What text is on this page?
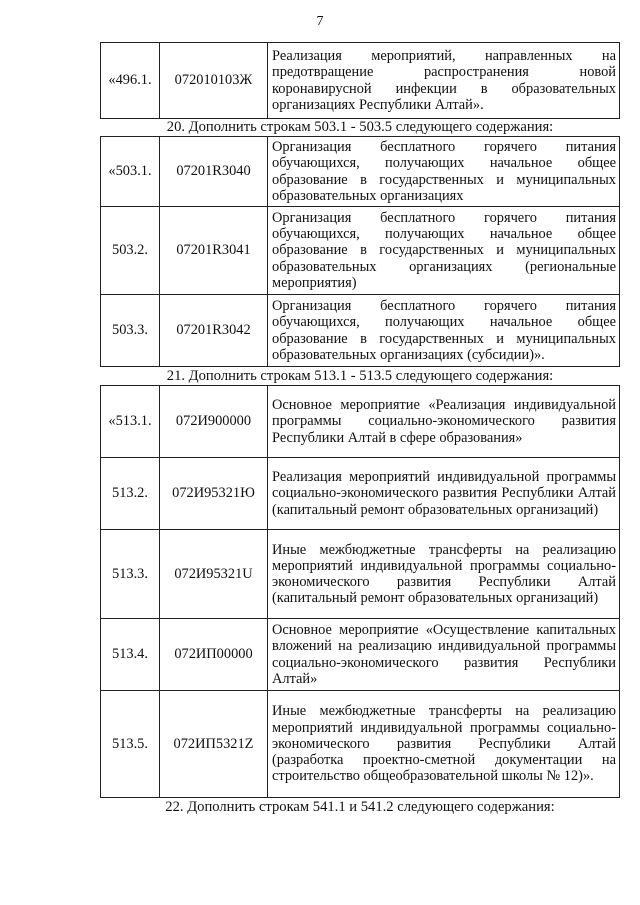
7
«496.1.	072010103Ж	Реализация мероприятий, направленных на предотвращение распространения новой коронавирусной инфекции в образовательных организациях Республики Алтай».
20. Дополнить строкам 503.1 - 503.5 следующего содержания:
«503.1.	07201R3040	Организация бесплатного горячего питания обучающихся, получающих начальное общее образование в государственных и муниципальных образовательных организациях
503.2.	07201R3041	Организация бесплатного горячего питания обучающихся, получающих начальное общее образование в государственных и муниципальных образовательных организациях (региональные мероприятия)
503.3.	07201R3042	Организация бесплатного горячего питания обучающихся, получающих начальное общее образование в государственных и муниципальных образовательных организациях (субсидии)».
21. Дополнить строкам 513.1 - 513.5 следующего содержания:
«513.1.	072И900000	Основное мероприятие «Реализация индивидуальной программы социально-экономического развития Республики Алтай в сфере образования»
513.2.	072И95321Ю	Реализация мероприятий индивидуальной программы социально-экономического развития Республики Алтай (капитальный ремонт образовательных организаций)
513.3.	072И95321U	Иные межбюджетные трансферты на реализацию мероприятий индивидуальной программы социально-экономического развития Республики Алтай (капитальный ремонт образовательных организаций)
513.4.	072ИП00000	Основное мероприятие «Осуществление капитальных вложений на реализацию индивидуальной программы социально-экономического развития Республики Алтай»
513.5.	072ИП5321Z	Иные межбюджетные трансферты на реализацию мероприятий индивидуальной программы социально-экономического развития Республики Алтай (разработка проектно-сметной документации на строительство общеобразовательной школы № 12)».
22. Дополнить строкам 541.1 и 541.2 следующего содержания:
